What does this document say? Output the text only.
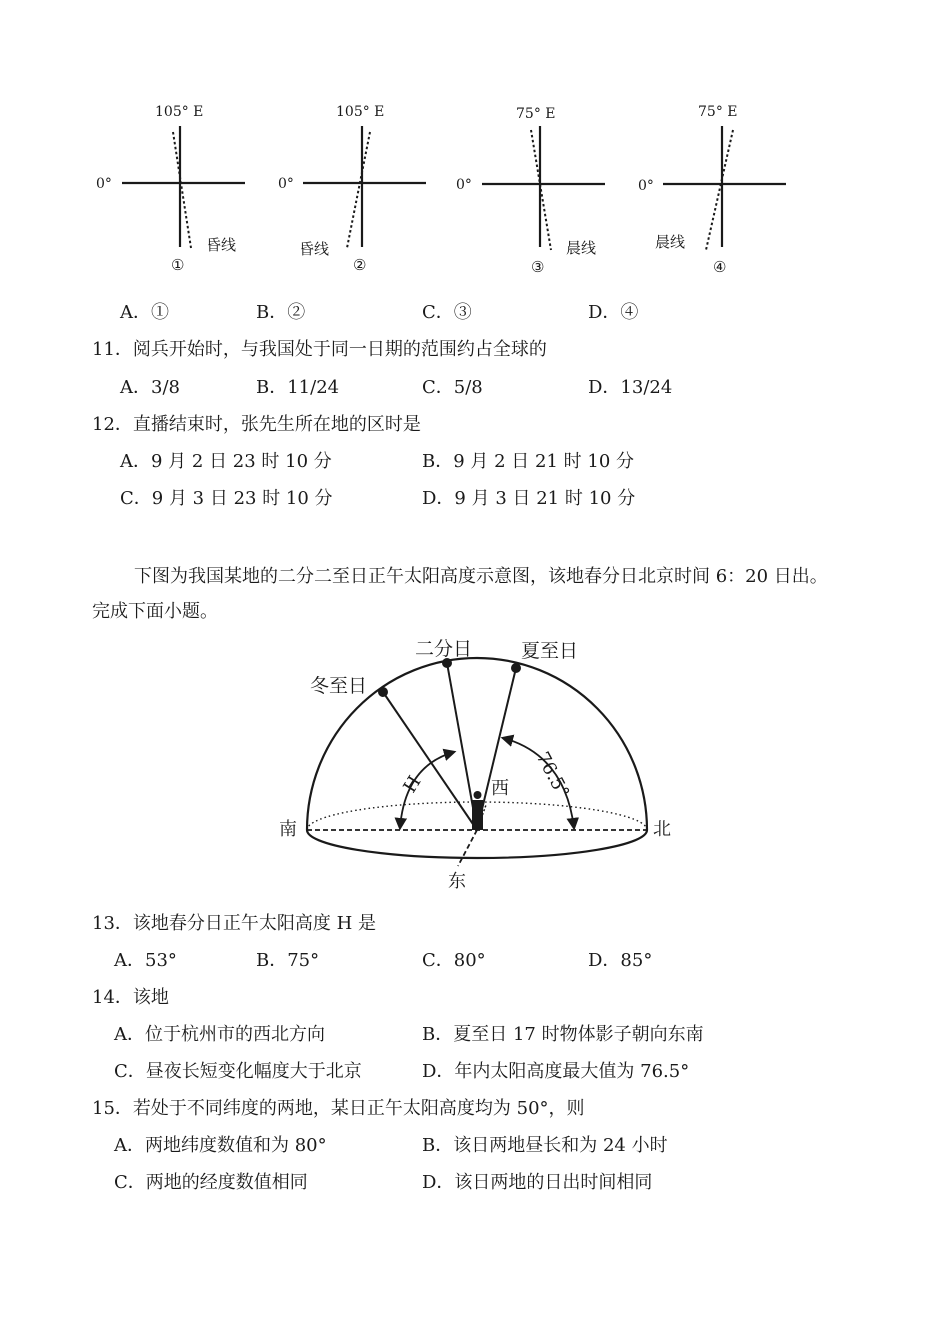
105° E
0°
昏线
①
105° E
0°
昏线
②
75° E
0°
晨线
③
75° E
0°
晨线
④
A．①	B．②	C．③	D．④
11．阅兵开始时，与我国处于同一日期的范围约占全球的
A．3/8	B．11/24	C．5/8	D．13/24
12．直播结束时，张先生所在地的区时是
A．9 月 2 日 23 时 10 分	B．9 月 2 日 21 时 10 分
C．9 月 3 日 23 时 10 分	D．9 月 3 日 21 时 10 分
下图为我国某地的二分二至日正午太阳高度示意图，该地春分日北京时间 6：20 日出。
完成下面小题。
二分日	夏至日
冬至日
H	76.5°
南	北
西
东
13．该地春分日正午太阳高度 H 是
A．53°	B．75°	C．80°	D．85°
14．该地
A．位于杭州市的西北方向	B．夏至日 17 时物体影子朝向东南
C．昼夜长短变化幅度大于北京	D．年内太阳高度最大值为 76.5°
15．若处于不同纬度的两地，某日正午太阳高度均为 50°，则
A．两地纬度数值和为 80°	B．该日两地昼长和为 24 小时
C．两地的经度数值相同	D．该日两地的日出时间相同
